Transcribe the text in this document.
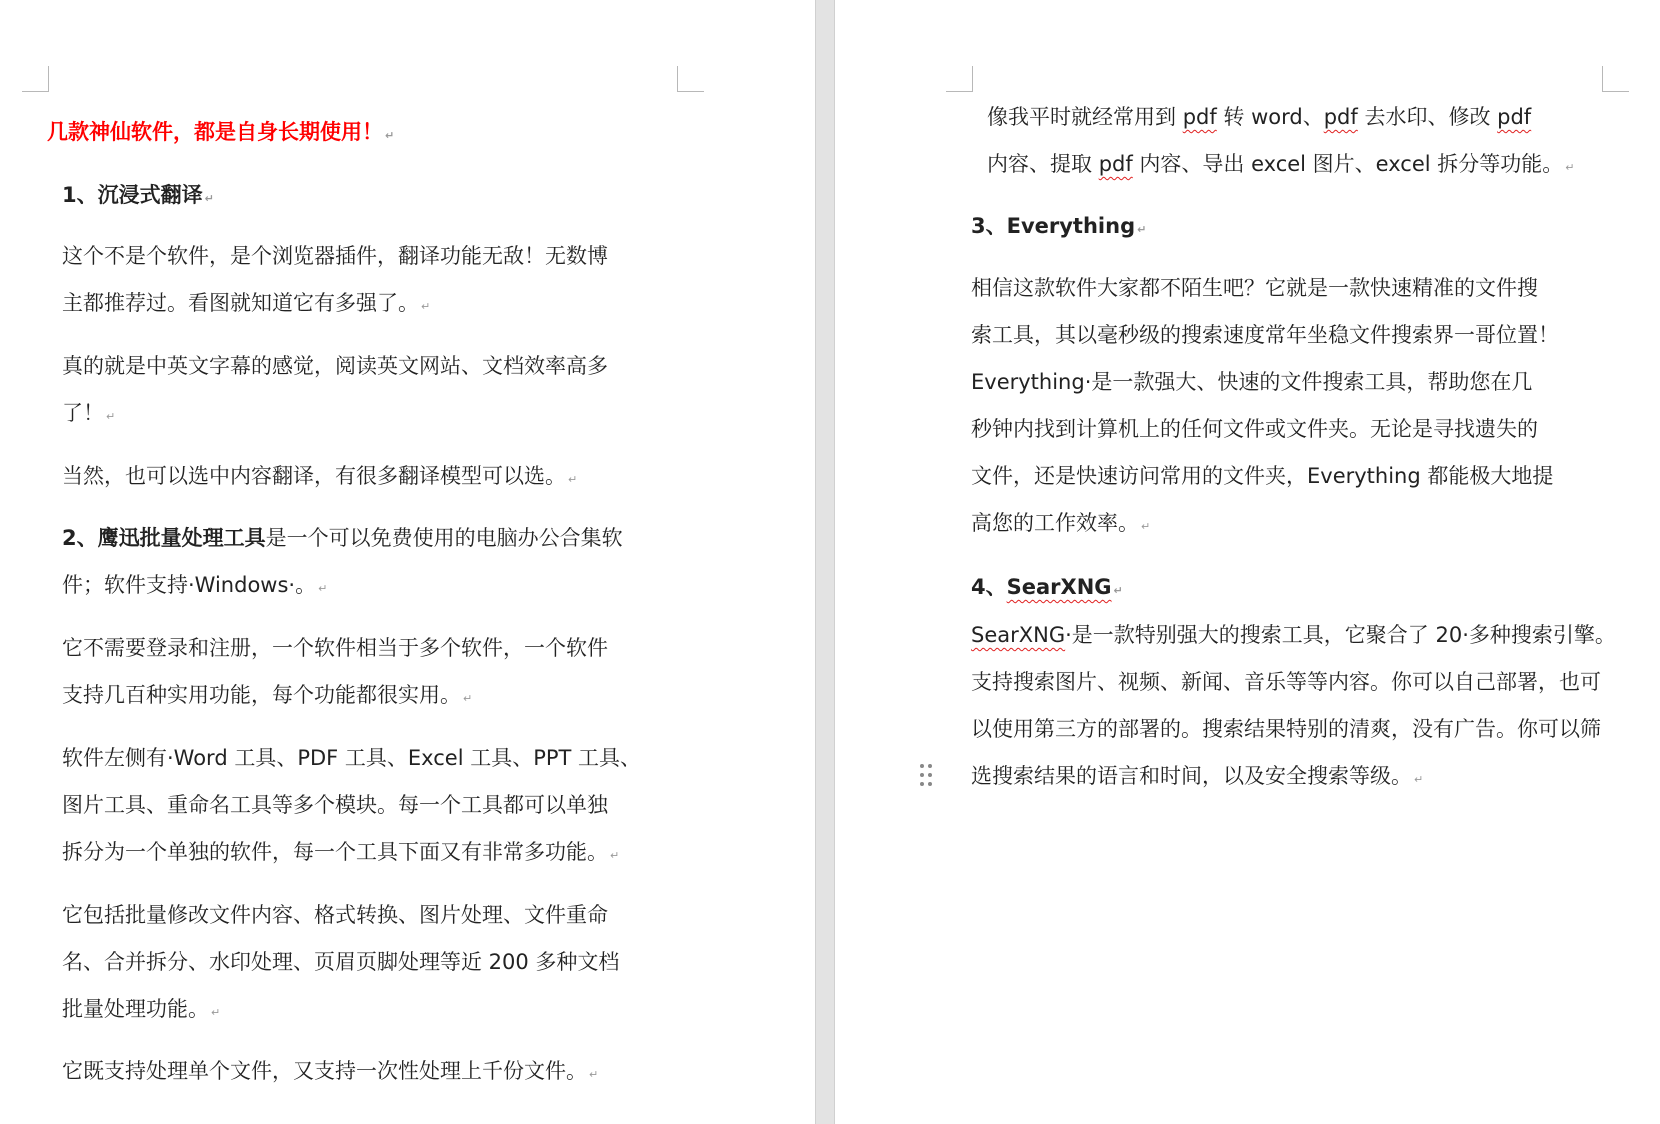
几款神仙软件，都是自身长期使用！ ↵
1、沉浸式翻译 ↵
这个不是个软件，是个浏览器插件，翻译功能无敌！无数博
主都推荐过。看图就知道它有多强了。 ↵
真的就是中英文字幕的感觉，阅读英文网站、文档效率高多
了！ ↵
当然，也可以选中内容翻译，有很多翻译模型可以选。 ↵
2、鹰迅批量处理工具是一个可以免费使用的电脑办公合集软
件；软件支持·Windows·。 ↵
它不需要登录和注册，一个软件相当于多个软件，一个软件
支持几百种实用功能，每个功能都很实用。 ↵
软件左侧有·Word 工具、PDF 工具、Excel 工具、PPT 工具、
图片工具、重命名工具等多个模块。每一个工具都可以单独
拆分为一个单独的软件，每一个工具下面又有非常多功能。 ↵
它包括批量修改文件内容、格式转换、图片处理、文件重命
名、合并拆分、水印处理、页眉页脚处理等近 200 多种文档
批量处理功能。 ↵
它既支持处理单个文件，又支持一次性处理上千份文件。 ↵
像我平时就经常用到 pdf 转 word、pdf 去水印、修改 pdf
内容、提取 pdf 内容、导出 excel 图片、excel 拆分等功能。 ↵
3、Everything ↵
相信这款软件大家都不陌生吧？它就是一款快速精准的文件搜
索工具，其以毫秒级的搜索速度常年坐稳文件搜索界一哥位置！
Everything·是一款强大、快速的文件搜索工具，帮助您在几
秒钟内找到计算机上的任何文件或文件夹。无论是寻找遗失的
文件，还是快速访问常用的文件夹，Everything 都能极大地提
高您的工作效率。 ↵
4、SearXNG ↵
SearXNG·是一款特别强大的搜索工具，它聚合了 20·多种搜索引擎。
支持搜索图片、视频、新闻、音乐等等内容。你可以自己部署，也可
以使用第三方的部署的。搜索结果特别的清爽，没有广告。你可以筛
选搜索结果的语言和时间，以及安全搜索等级。 ↵
